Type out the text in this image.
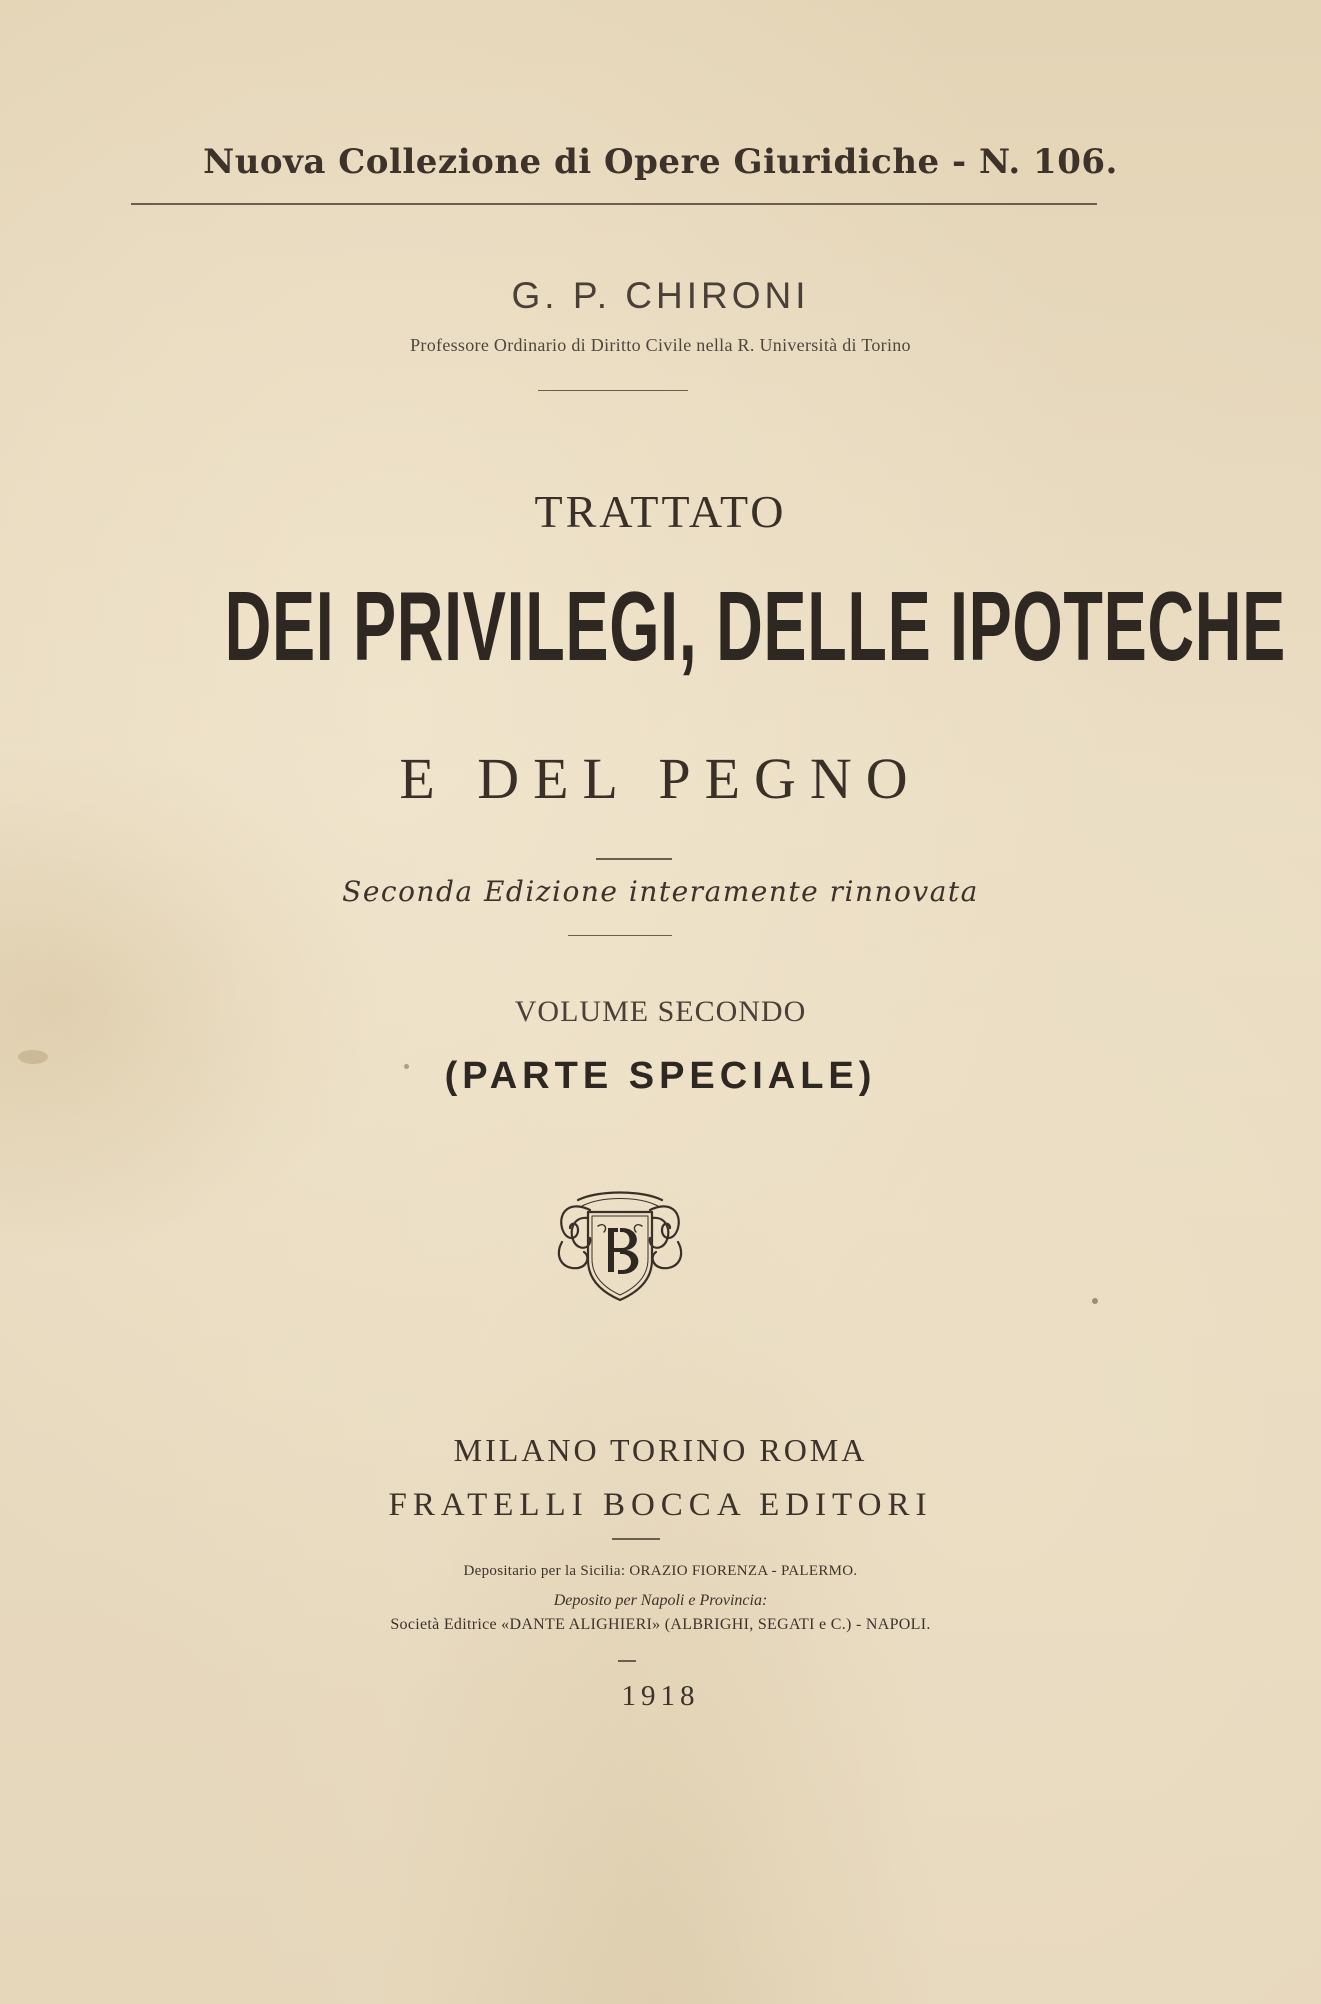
Nuova Collezione di Opere Giuridiche - N. 106.
G. P. CHIRONI
Professore Ordinario di Diritto Civile nella R. Università di Torino
TRATTATO
DEI PRIVILEGI, DELLE IPOTECHE
E DEL PEGNO
Seconda Edizione interamente rinnovata
VOLUME SECONDO
(PARTE SPECIALE)
MILANO TORINO ROMA
FRATELLI BOCCA EDITORI
Depositario per la Sicilia: ORAZIO FIORENZA - PALERMO.
Deposito per Napoli e Provincia:
Società Editrice «DANTE ALIGHIERI» (ALBRIGHI, SEGATI e C.) - NAPOLI.
1918
